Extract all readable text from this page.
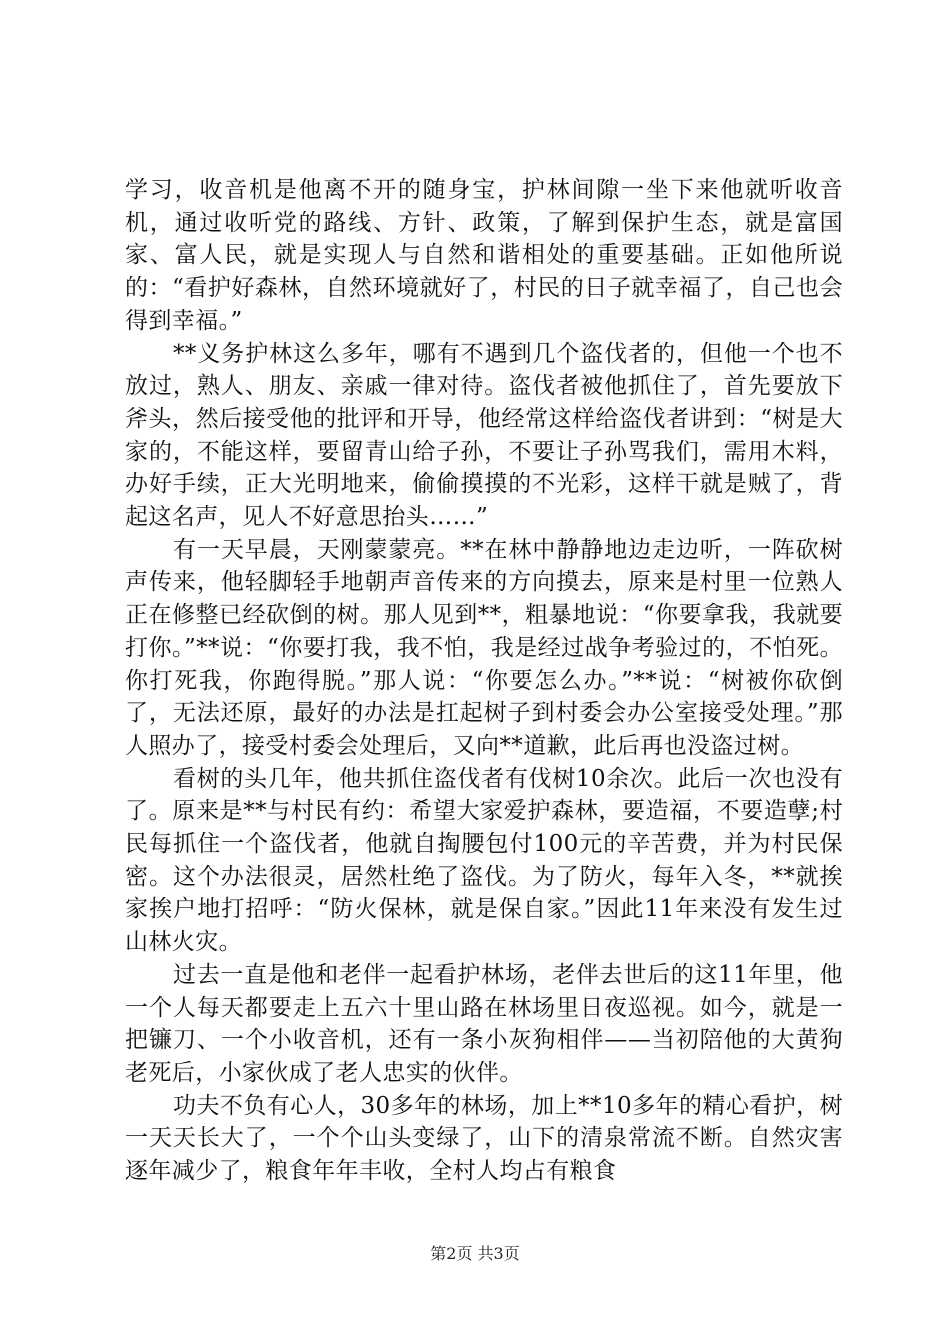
学习，收音机是他离不开的随身宝，护林间隙一坐下来他就听收音机，通过收听党的路线、方针、政策，了解到保护生态，就是富国家、富人民，就是实现人与自然和谐相处的重要基础。正如他所说的：“看护好森林，自然环境就好了，村民的日子就幸福了，自己也会得到幸福。”

**义务护林这么多年，哪有不遇到几个盗伐者的，但他一个也不放过，熟人、朋友、亲戚一律对待。盗伐者被他抓住了，首先要放下斧头，然后接受他的批评和开导，他经常这样给盗伐者讲到：“树是大家的，不能这样，要留青山给子孙，不要让子孙骂我们，需用木料，办好手续，正大光明地来，偷偷摸摸的不光彩，这样干就是贼了，背起这名声，见人不好意思抬头……”

有一天早晨，天刚蒙蒙亮。**在林中静静地边走边听，一阵砍树声传来，他轻脚轻手地朝声音传来的方向摸去，原来是村里一位熟人正在修整已经砍倒的树。那人见到**，粗暴地说：“你要拿我，我就要打你。”**说：“你要打我，我不怕，我是经过战争考验过的，不怕死。你打死我，你跑得脱。”那人说：“你要怎么办。”**说：“树被你砍倒了，无法还原，最好的办法是扛起树子到村委会办公室接受处理。”那人照办了，接受村委会处理后，又向**道歉，此后再也没盗过树。

看树的头几年，他共抓住盗伐者有伐树10余次。此后一次也没有了。原来是**与村民有约：希望大家爱护森林，要造福，不要造孽;村民每抓住一个盗伐者，他就自掏腰包付100元的辛苦费，并为村民保密。这个办法很灵，居然杜绝了盗伐。为了防火，每年入冬，**就挨家挨户地打招呼：“防火保林，就是保自家。”因此11年来没有发生过山林火灾。

过去一直是他和老伴一起看护林场，老伴去世后的这11年里，他一个人每天都要走上五六十里山路在林场里日夜巡视。如今，就是一把镰刀、一个小收音机，还有一条小灰狗相伴——当初陪他的大黄狗老死后，小家伙成了老人忠实的伙伴。

功夫不负有心人，30多年的林场，加上**10多年的精心看护，树一天天长大了，一个个山头变绿了，山下的清泉常流不断。自然灾害逐年减少了，粮食年年丰收，全村人均占有粮食

第2页 共3页
